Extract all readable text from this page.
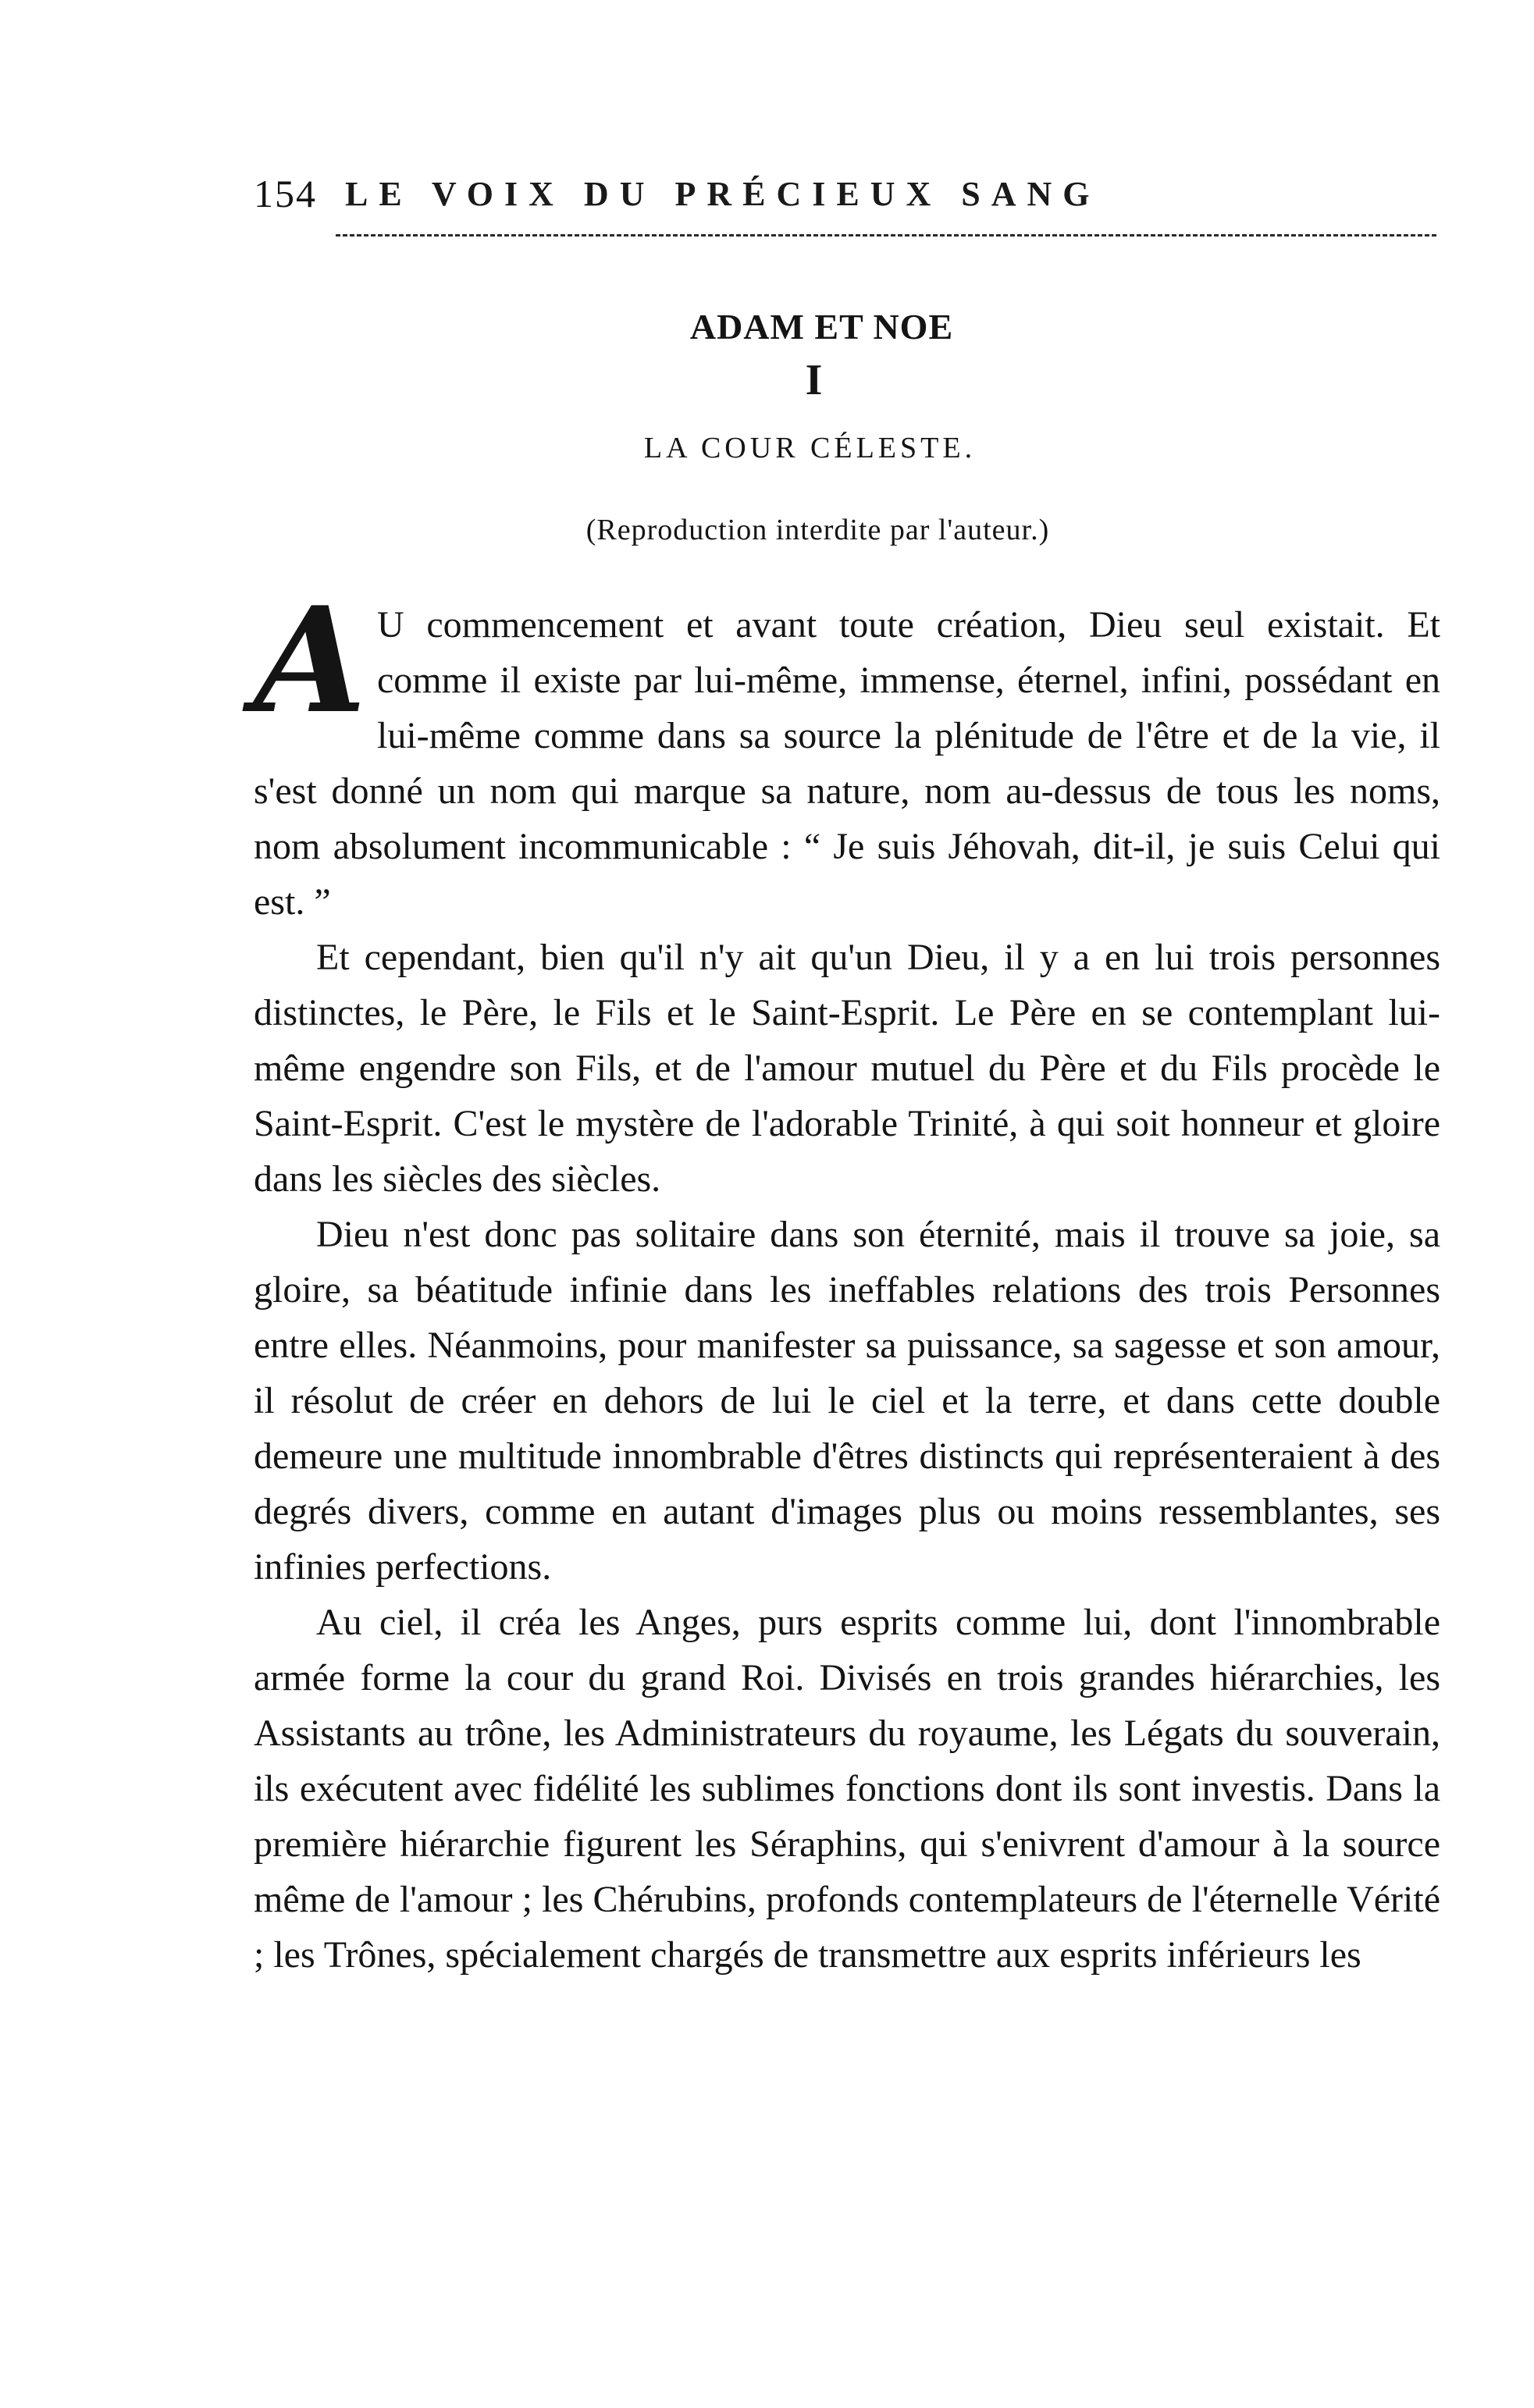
154 LE VOIX DU PRÉCIEUX SANG
ADAM ET NOE
I
LA COUR CÉLESTE.
(Reproduction interdite par l'auteur.)

A U commencement et avant toute création, Dieu seul existait. Et comme il existe par lui-même, immense, éternel, infini, possédant en lui-même comme dans sa source la plénitude de l'être et de la vie, il s'est donné un nom qui marque sa nature, nom au-dessus de tous les noms, nom absolument incommunicable : “ Je suis Jéhovah, dit-il, je suis Celui qui est. ”

Et cependant, bien qu'il n'y ait qu'un Dieu, il y a en lui trois personnes distinctes, le Père, le Fils et le Saint-Esprit. Le Père en se contemplant lui-même engendre son Fils, et de l'amour mutuel du Père et du Fils procède le Saint-Esprit. C'est le mystère de l'adorable Trinité, à qui soit honneur et gloire dans les siècles des siècles.

Dieu n'est donc pas solitaire dans son éternité, mais il trouve sa joie, sa gloire, sa béatitude infinie dans les ineffables relations des trois Personnes entre elles. Néanmoins, pour manifester sa puissance, sa sagesse et son amour, il résolut de créer en dehors de lui le ciel et la terre, et dans cette double demeure une multitude innombrable d'êtres distincts qui représenteraient à des degrés divers, comme en autant d'images plus ou moins ressemblantes, ses infinies perfections.

Au ciel, il créa les Anges, purs esprits comme lui, dont l'innombrable armée forme la cour du grand Roi. Divisés en trois grandes hiérarchies, les Assistants au trône, les Administrateurs du royaume, les Légats du souverain, ils exécutent avec fidélité les sublimes fonctions dont ils sont investis. Dans la première hiérarchie figurent les Séraphins, qui s'enivrent d'amour à la source même de l'amour ; les Chérubins, profonds contemplateurs de l'éternelle Vérité ; les Trônes, spécialement chargés de transmettre aux esprits inférieurs les
